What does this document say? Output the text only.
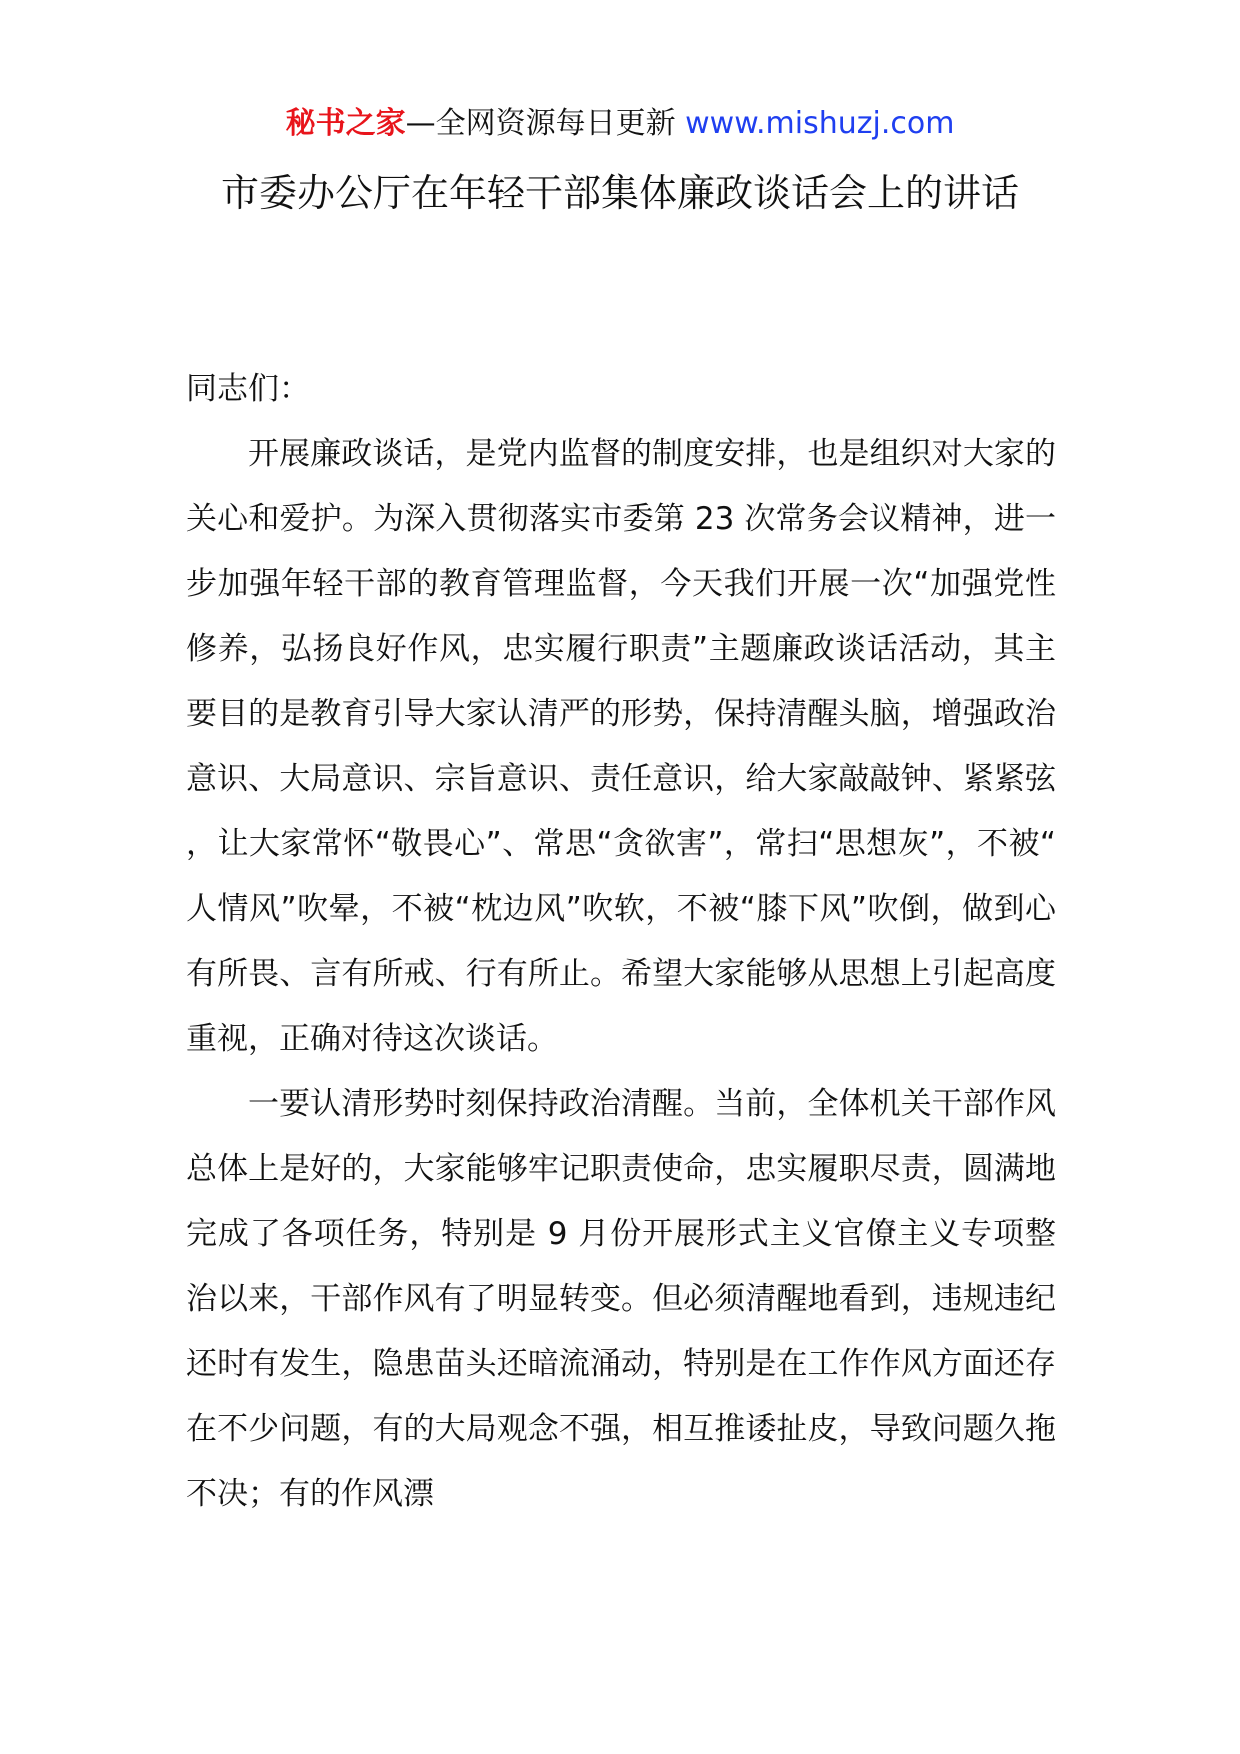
秘书之家—全网资源每日更新 www.mishuzj.com
市委办公厅在年轻干部集体廉政谈话会上的讲话

同志们：

开展廉政谈话，是党内监督的制度安排，也是组织对大家的关心和爱护。为深入贯彻落实市委第 23 次常务会议精神，进一步加强年轻干部的教育管理监督，今天我们开展一次“加强党性修养，弘扬良好作风，忠实履行职责”主题廉政谈话活动，其主要目的是教育引导大家认清严的形势，保持清醒头脑，增强政治意识、大局意识、宗旨意识、责任意识，给大家敲敲钟、紧紧弦，让大家常怀“敬畏心”、常思“贪欲害”，常扫“思想灰”，不被“人情风”吹晕，不被“枕边风”吹软，不被“膝下风”吹倒，做到心有所畏、言有所戒、行有所止。希望大家能够从思想上引起高度重视，正确对待这次谈话。

一要认清形势时刻保持政治清醒。当前，全体机关干部作风总体上是好的，大家能够牢记职责使命，忠实履职尽责，圆满地完成了各项任务，特别是 9 月份开展形式主义官僚主义专项整治以来，干部作风有了明显转变。但必须清醒地看到，违规违纪还时有发生，隐患苗头还暗流涌动，特别是在工作作风方面还存在不少问题，有的大局观念不强，相互推诿扯皮，导致问题久拖不决；有的作风漂
